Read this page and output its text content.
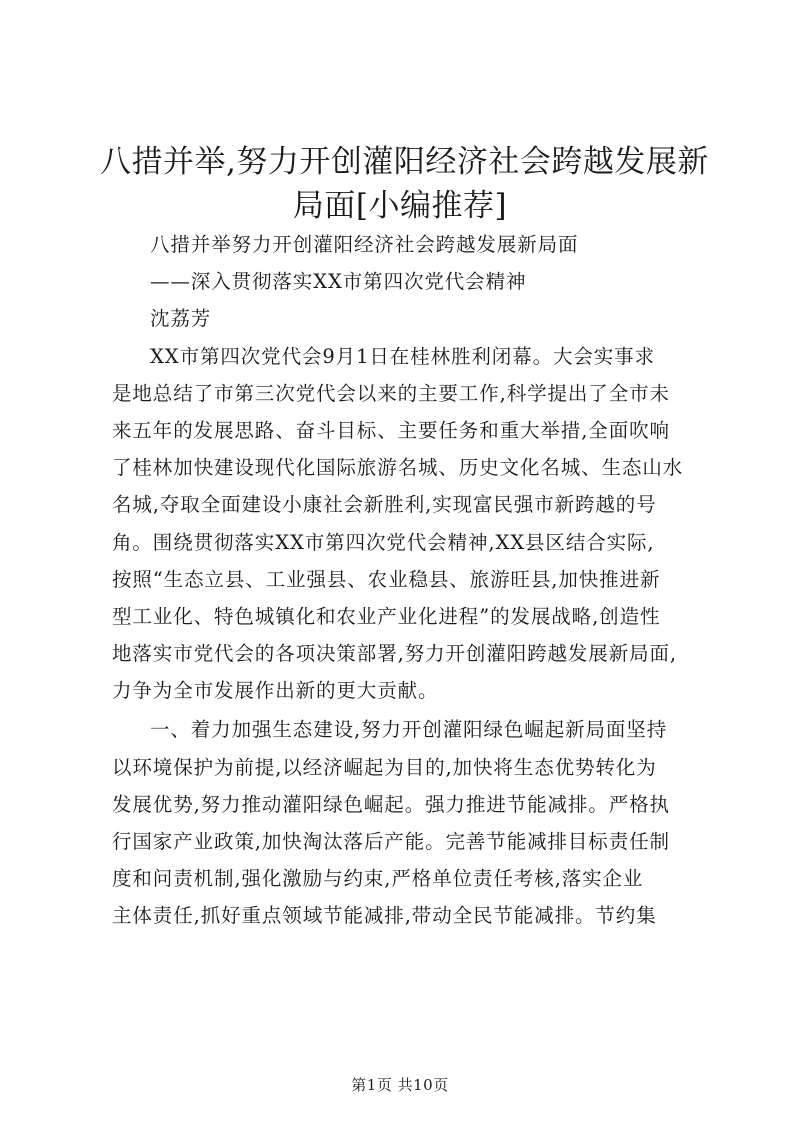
八措并举,努力开创灌阳经济社会跨越发展新
局面[小编推荐]
八措并举努力开创灌阳经济社会跨越发展新局面
——深入贯彻落实XX市第四次党代会精神
沈荔芳
XX市第四次党代会9月1日在桂林胜利闭幕。大会实事求
是地总结了市第三次党代会以来的主要工作,科学提出了全市未
来五年的发展思路、奋斗目标、主要任务和重大举措,全面吹响
了桂林加快建设现代化国际旅游名城、历史文化名城、生态山水
名城,夺取全面建设小康社会新胜利,实现富民强市新跨越的号
角。围绕贯彻落实XX市第四次党代会精神,XX县区结合实际,
按照“生态立县、工业强县、农业稳县、旅游旺县,加快推进新
型工业化、特色城镇化和农业产业化进程”的发展战略,创造性
地落实市党代会的各项决策部署,努力开创灌阳跨越发展新局面,
力争为全市发展作出新的更大贡献。
一、着力加强生态建设,努力开创灌阳绿色崛起新局面坚持
以环境保护为前提,以经济崛起为目的,加快将生态优势转化为
发展优势,努力推动灌阳绿色崛起。强力推进节能减排。严格执
行国家产业政策,加快淘汰落后产能。完善节能减排目标责任制
度和问责机制,强化激励与约束,严格单位责任考核,落实企业
主体责任,抓好重点领域节能减排,带动全民节能减排。节约集
第1页 共10页
